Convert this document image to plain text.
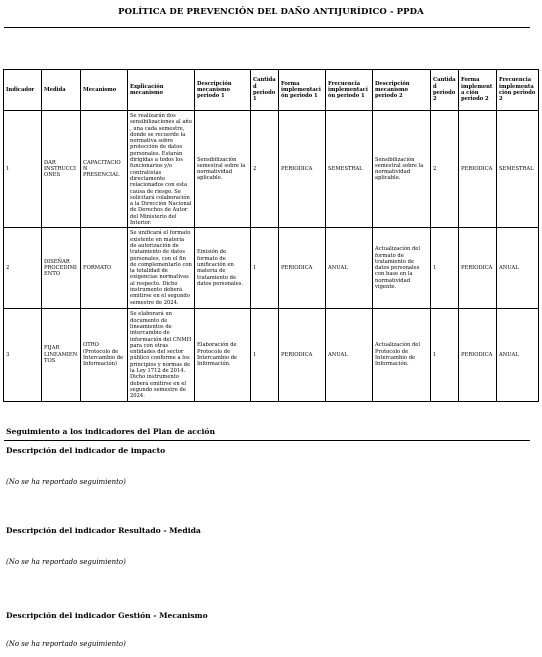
POLÍTICA DE PREVENCIÓN DEL DAÑO ANTIJURÍDICO - PPDA
Indicador	Medida	Mecanismo	Explicación mecanismo	Descripción mecanismo periodo 1	Cantidad periodo 1	Forma implementación periodo 1	Frecuencia implementación periodo 1	Descripción mecanismo periodo 2	Cantidad periodo 2	Forma implementa ción periodo 2	Frecuencia implementa ción periodo 2
1	DAR INSTRUCCIONES	CAPACITACION PRESENCIAL	Se realizarán dos sensibilizaciones al año , una cada semestre, donde se recuerde la normativa sobre protección de datos personales. Estarán dirigidas a todos los funcionarios y/o contratistas directamente relacionados con esta causa de riesgo. Se solicitará colaboración a la Dirección Nacional de Derechos de Autor del Ministerio del Interior.	Sensibilización semestral sobre la normatividad aplicable.	2	PERIODICA	SEMESTRAL	Sensibilización semestral sobre la normatividad aplicable.	2	PERIODICA	SEMESTRAL
2	DISEÑAR PROCEDIMIENTO	FORMATO	Se unificará el formato existente en materia de autorización de tratamiento de datos personales, con el fin de complementarlo con la totalidad de exigencias normativas al respecto. Dicho instrumento deberá emitirse en el segundo semestre de 2024.	Emisión de formato de unificación en materia de tratamiento de datos personales.	1	PERIODICA	ANUAL	Actualización del formato de tratamiento de datos personales con base en la normatividad vigente.	1	PERIODICA	ANUAL
3	FIJAR LINEAMIENTOS	OTRO (Protocolo de Intercambio de Información)	Se elaborará un documento de lineamientos de intercambio de información del CNMH para con otras entidades del sector público conforme a los principios y normas de la Ley 1712 de 2014. Dicho instrumento deberá emitirse en el segundo semestre de 2024.	Elaboración de Protocolo de Intercambio de Información.	1	PERIODICA	ANUAL	Actualización del Protocolo de Intercambio de Información.	1	PERIODICA	ANUAL
Seguimiento a los indicadores del Plan de acción
Descripción del indicador de impacto
(No se ha reportado seguimiento)
Descripción del indicador Resultado - Medida
(No se ha reportado seguimiento)
Descripción del indicador Gestión - Mecanismo
(No se ha reportado seguimiento)
